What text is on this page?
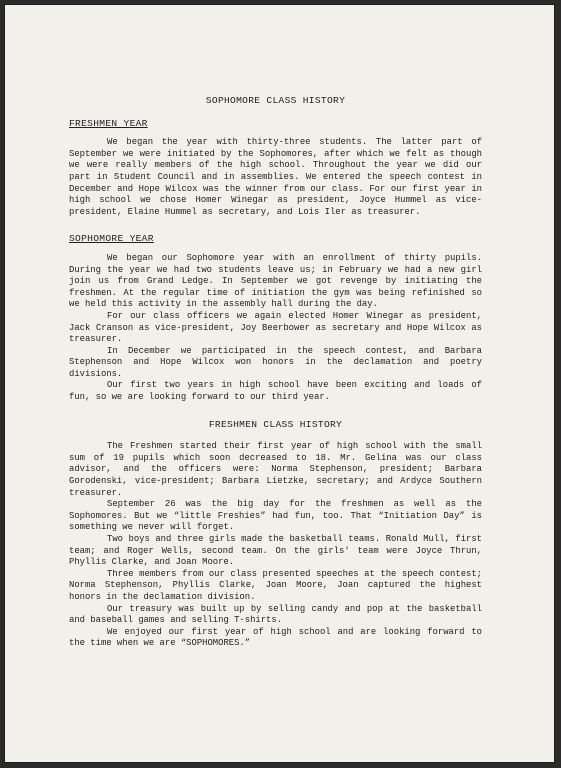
SOPHOMORE CLASS HISTORY
FRESHMEN YEAR

We began the year with thirty-three students. The latter part of September we were initiated by the Sophomores, after which we felt as though we were really members of the high school. Throughout the year we did our part in Student Council and in assemblies. We entered the speech contest in December and Hope Wilcox was the winner from our class. For our first year in high school we chose Homer Winegar as president, Joyce Hummel as vice-president, Elaine Hummel as secretary, and Lois Iler as treasurer.

SOPHOMORE YEAR

We began our Sophomore year with an enrollment of thirty pupils. During the year we had two students leave us; in February we had a new girl join us from Grand Ledge. In September we got revenge by initiating the freshmen. At the regular time of initiation the gym was being refinished so we held this activity in the assembly hall during the day.

For our class officers we again elected Homer Winegar as president, Jack Cranson as vice-president, Joy Beerbower as secretary and Hope Wilcox as treasurer.

In December we participated in the speech contest, and Barbara Stephenson and Hope Wilcox won honors in the declamation and poetry divisions.

Our first two years in high school have been exciting and loads of fun, so we are looking forward to our third year.

FRESHMEN CLASS HISTORY

The Freshmen started their first year of high school with the small sum of 19 pupils which soon decreased to 18. Mr. Gelina was our class advisor, and the officers were: Norma Stephenson, president; Barbara Gorodenski, vice-president; Barbara Lietzke, secretary; and Ardyce Southern treasurer.

September 26 was the big day for the freshmen as well as the Sophomores. But we “little Freshies” had fun, too. That “Initiation Day” is something we never will forget.

Two boys and three girls made the basketball teams. Ronald Mull, first team; and Roger Wells, second team. On the girls' team were Joyce Thrun, Phyllis Clarke, and Joan Moore.

Three members from our class presented speeches at the speech contest; Norma Stephenson, Phyllis Clarke, Joan Moore, Joan captured the highest honors in the declamation division.

Our treasury was built up by selling candy and pop at the basketball and baseball games and selling T-shirts.

We enjoyed our first year of high school and are looking forward to the time when we are “SOPHOMORES.”
